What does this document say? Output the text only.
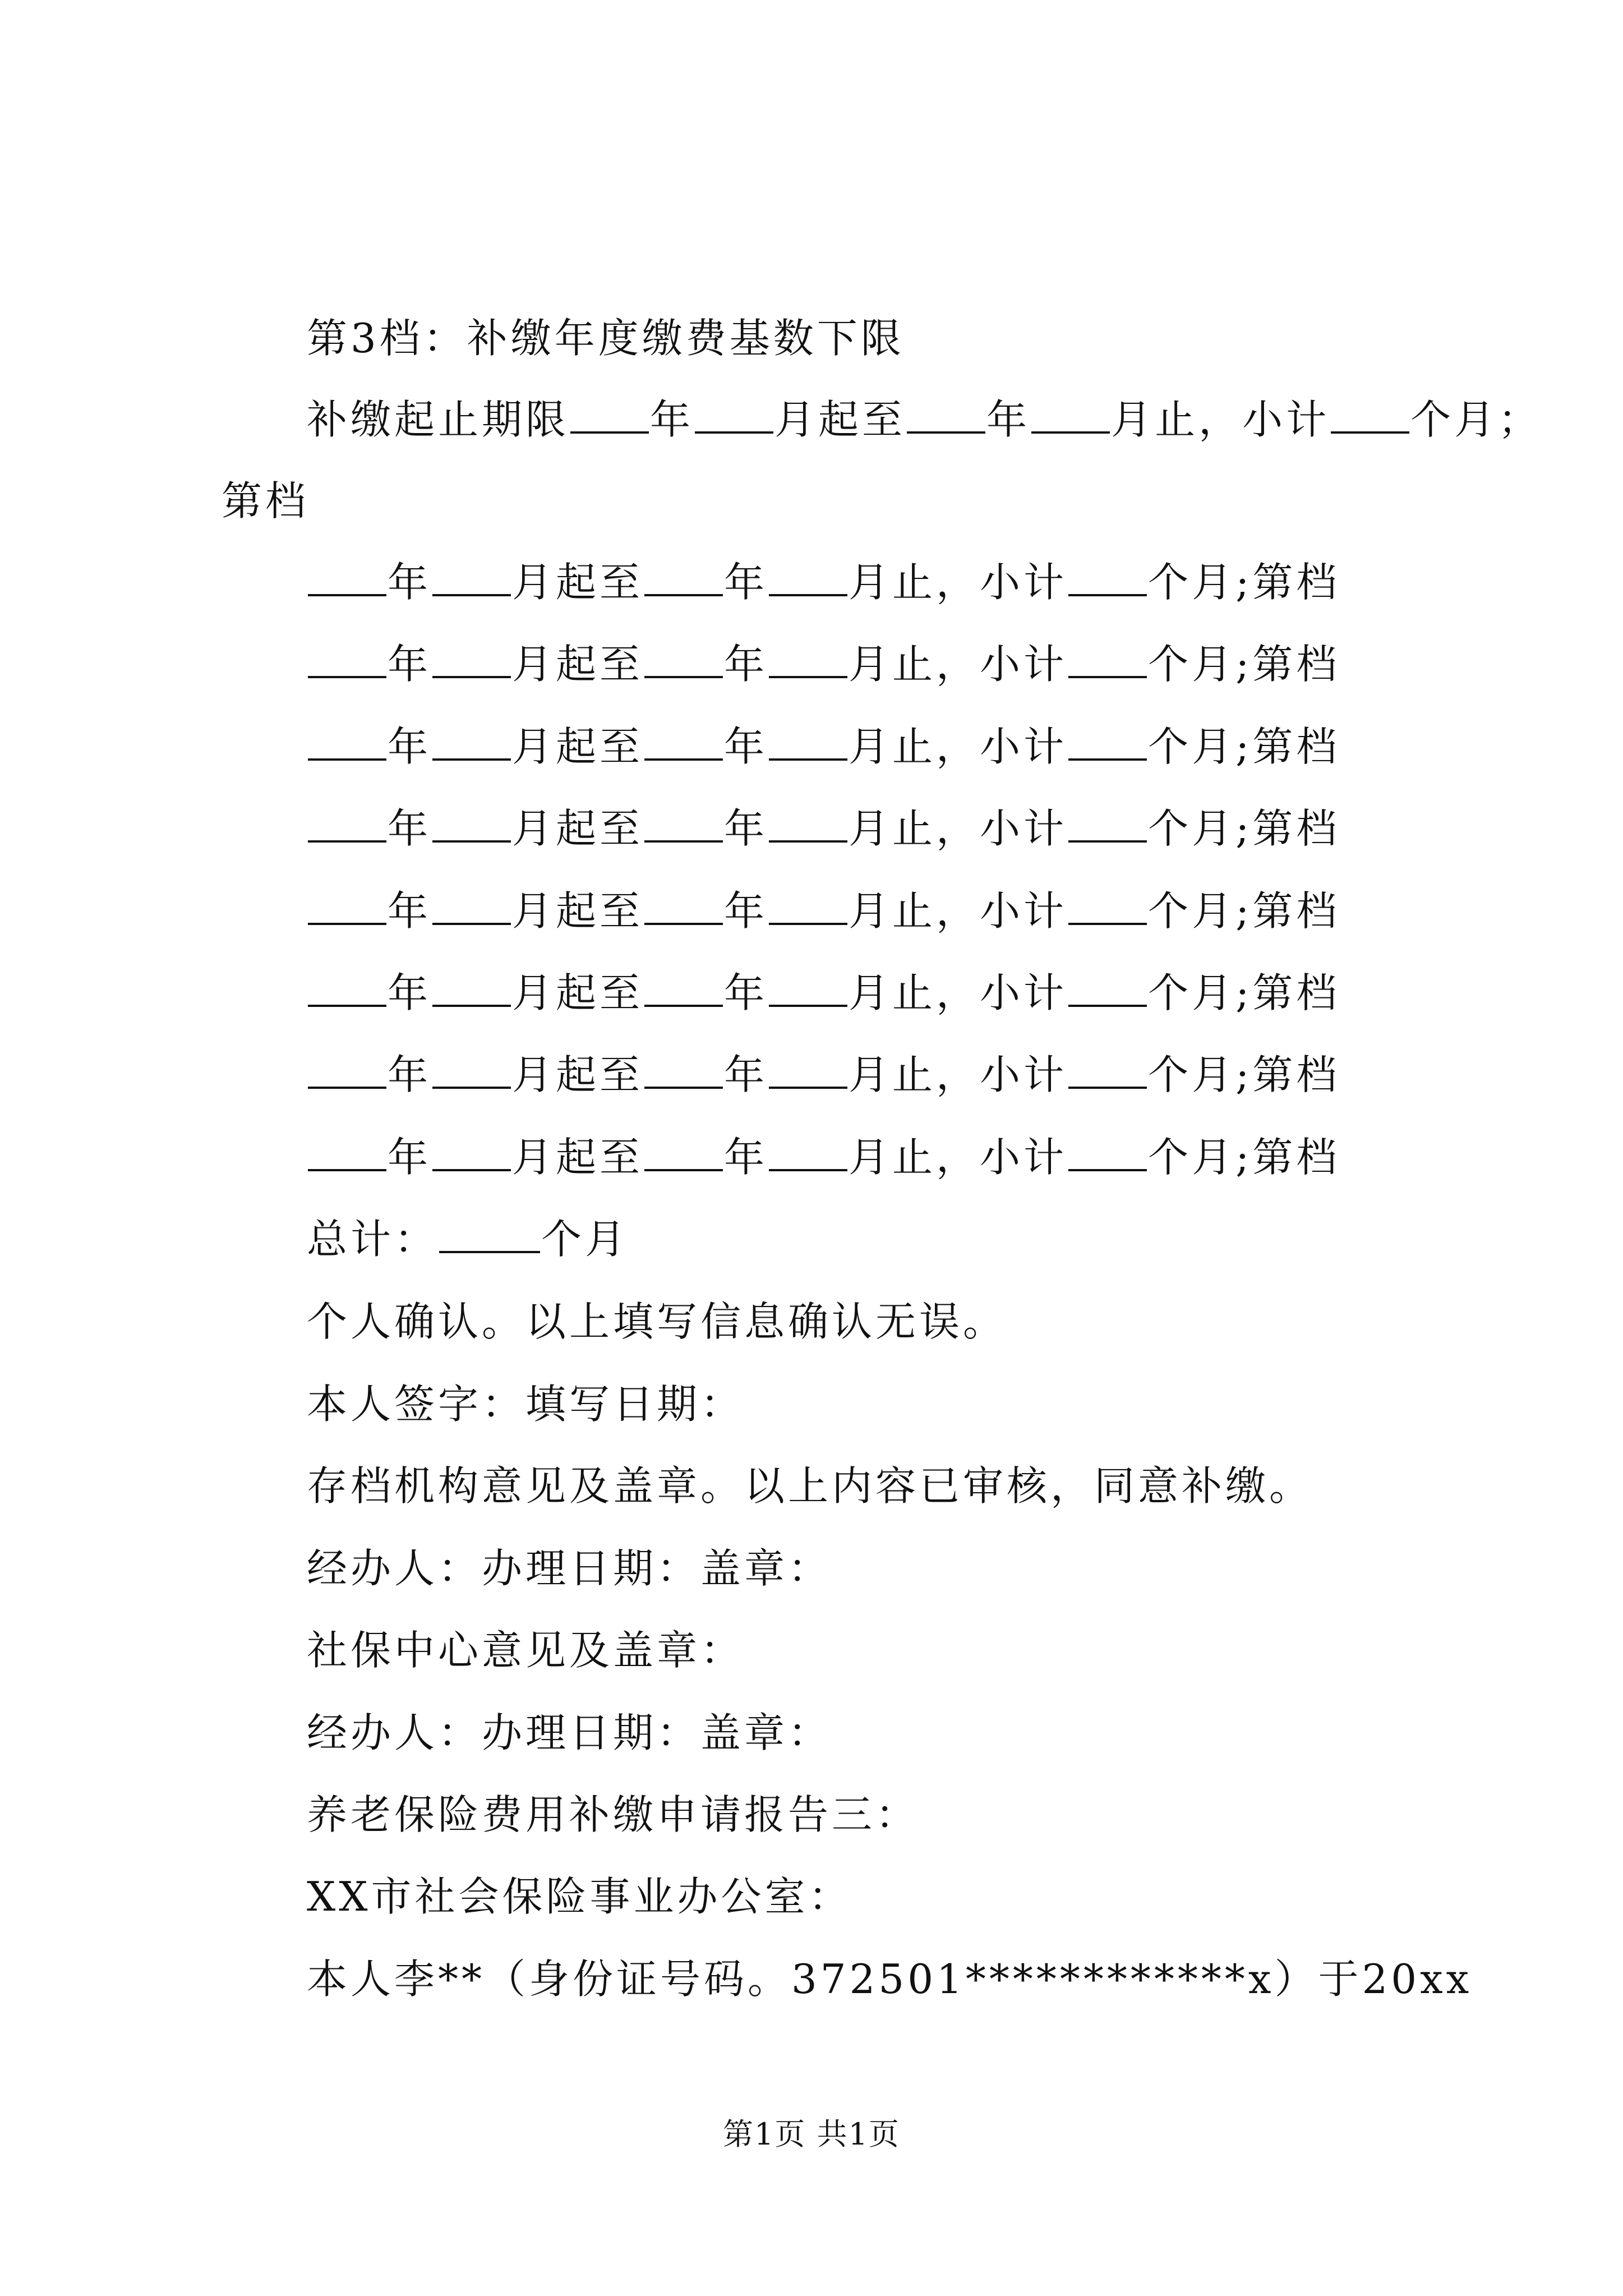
第3档：补缴年度缴费基数下限
补缴起止期限 年 月起至 年 月止，小计 个月；
第档
年 月起至 年 月止，小计 个月;第档
年 月起至 年 月止，小计 个月;第档
年 月起至 年 月止，小计 个月;第档
年 月起至 年 月止，小计 个月;第档
年 月起至 年 月止，小计 个月;第档
年 月起至 年 月止，小计 个月;第档
年 月起至 年 月止，小计 个月;第档
年 月起至 年 月止，小计 个月;第档
总计：	个月
个人确认。以上填写信息确认无误。
本人签字：填写日期：
存档机构意见及盖章。以上内容已审核，同意补缴。
经办人：办理日期：盖章：
社保中心意见及盖章：
经办人：办理日期：盖章：
养老保险费用补缴申请报告三：
XX市社会保险事业办公室：
本人李**（身份证号码。372501************x）于20xx
第1页 共1页
